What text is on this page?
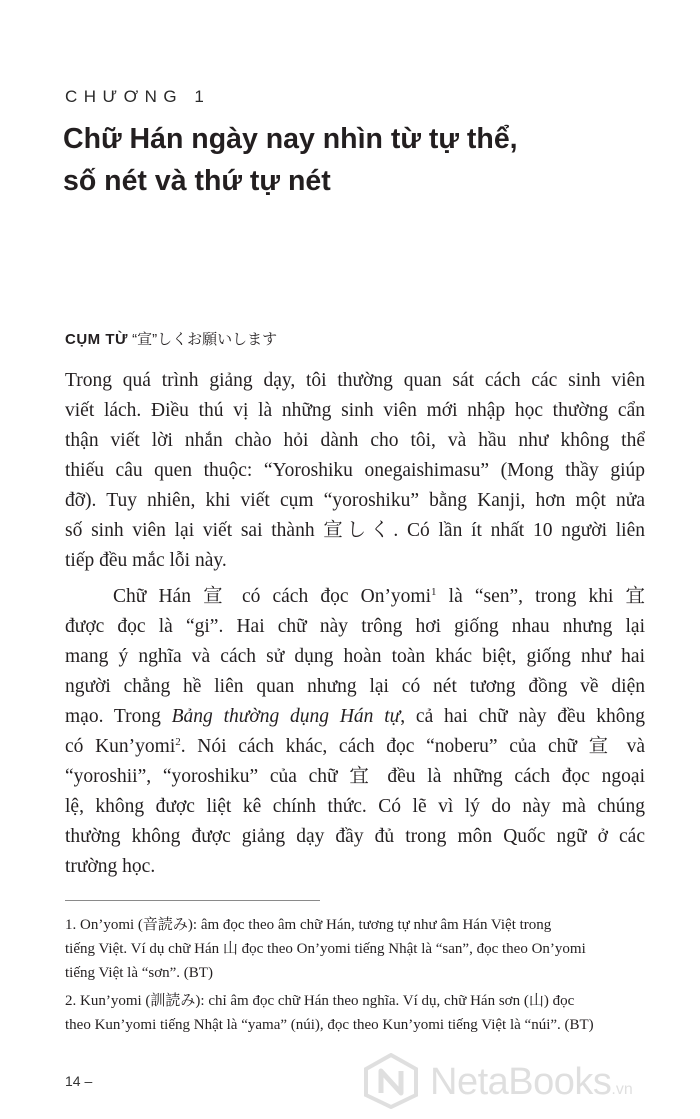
CHƯƠNG 1
Chữ Hán ngày nay nhìn từ tự thể,
số nét và thứ tự nét
CỤM TỪ “宣”しくお願いします

Trong quá trình giảng dạy, tôi thường quan sát cách các sinh viên
viết lách. Điều thú vị là những sinh viên mới nhập học thường cẩn
thận viết lời nhắn chào hỏi dành cho tôi, và hầu như không thể
thiếu câu quen thuộc: “Yoroshiku onegaishimasu” (Mong thầy giúp
đỡ). Tuy nhiên, khi viết cụm “yoroshiku” bằng Kanji, hơn một nửa
số sinh viên lại viết sai thành 宣しく. Có lần ít nhất 10 người liên
tiếp đều mắc lỗi này.

Chữ Hán 宣 có cách đọc On’yomi$^1$ là “sen”, trong khi 宜
được đọc là “gi”. Hai chữ này trông hơi giống nhau nhưng lại
mang ý nghĩa và cách sử dụng hoàn toàn khác biệt, giống như hai
người chẳng hề liên quan nhưng lại có nét tương đồng về diện
mạo. Trong Bảng thường dụng Hán tự, cả hai chữ này đều không
có Kun’yomi$^2$. Nói cách khác, cách đọc “noberu” của chữ 宣 và
“yoroshii”, “yoroshiku” của chữ 宜 đều là những cách đọc ngoại
lệ, không được liệt kê chính thức. Có lẽ vì lý do này mà chúng
thường không được giảng dạy đầy đủ trong môn Quốc ngữ ở các
trường học.

1. On’yomi (音読み): âm đọc theo âm chữ Hán, tương tự như âm Hán Việt trong
tiếng Việt. Ví dụ chữ Hán 山 đọc theo On’yomi tiếng Nhật là “san”, đọc theo On’yomi
tiếng Việt là “sơn”. (BT)

2. Kun’yomi (訓読み): chỉ âm đọc chữ Hán theo nghĩa. Ví dụ, chữ Hán sơn (山) đọc
theo Kun’yomi tiếng Nhật là “yama” (núi), đọc theo Kun’yomi tiếng Việt là “núi”. (BT)

14 –	NetaBooks.vn
